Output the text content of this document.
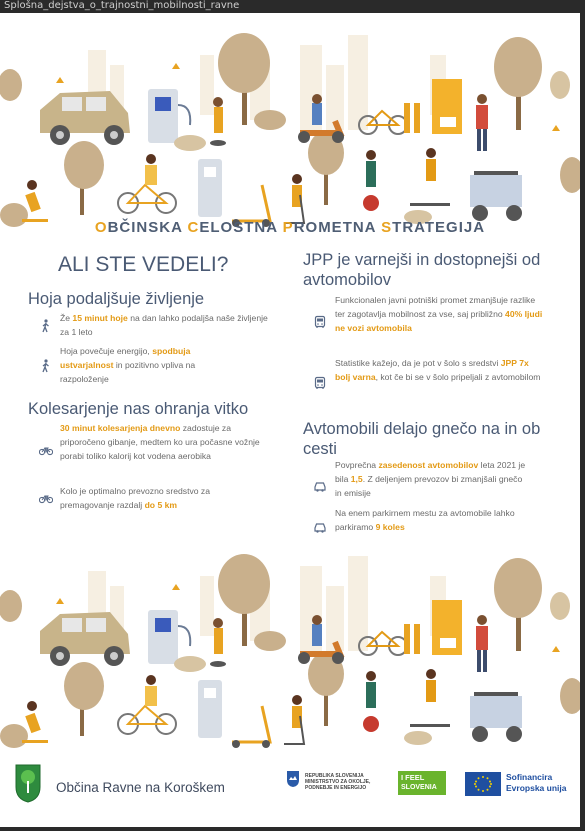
Splošna_dejstva_o_trajnostni_mobilnosti_ravne
OBČINSKA CELOSTNA PROMETNA STRATEGIJA
ALI STE VEDELI?
Hoja podaljšuje življenje
Že 15 minut hoje na dan lahko podaljša naše življenje za 1 leto
Hoja povečuje energijo, spodbuja ustvarjalnost in pozitivno vpliva na razpoloženje
Kolesarjenje nas ohranja vitko
30 minut kolesarjenja dnevno zadostuje za priporočeno gibanje, medtem ko ura počasne vožnje porabi toliko kalorij kot vodena aerobika
Kolo je optimalno prevozno sredstvo za premagovanje razdalj do 5 km
JPP je varnejši in dostopnejši od avtomobilov
Funkcionalen javni potniški promet zmanjšuje razlike ter zagotavlja mobilnost za vse, saj približno 40% ljudi ne vozi avtomobila
Statistike kažejo, da je pot v šolo s sredstvi JPP 7x bolj varna, kot če bi se v šolo pripeljali z avtomobilom
Avtomobili delajo gnečo na in ob cesti
Povprečna zasedenost avtomobilov leta 2021 je bila 1,5. Z deljenjem prevozov bi zmanjšali gnečo in emisije
Na enem parkirnem mestu za avtomobile lahko parkiramo 9 koles
Občina Ravne na Koroškem
REPUBLIKA SLOVENIJA
MINISTRSTVO ZA OKOLJE,
PODNEBJE IN ENERGIJO
I FEEL
SLOVENIA
Sofinancira
Evropska unija
